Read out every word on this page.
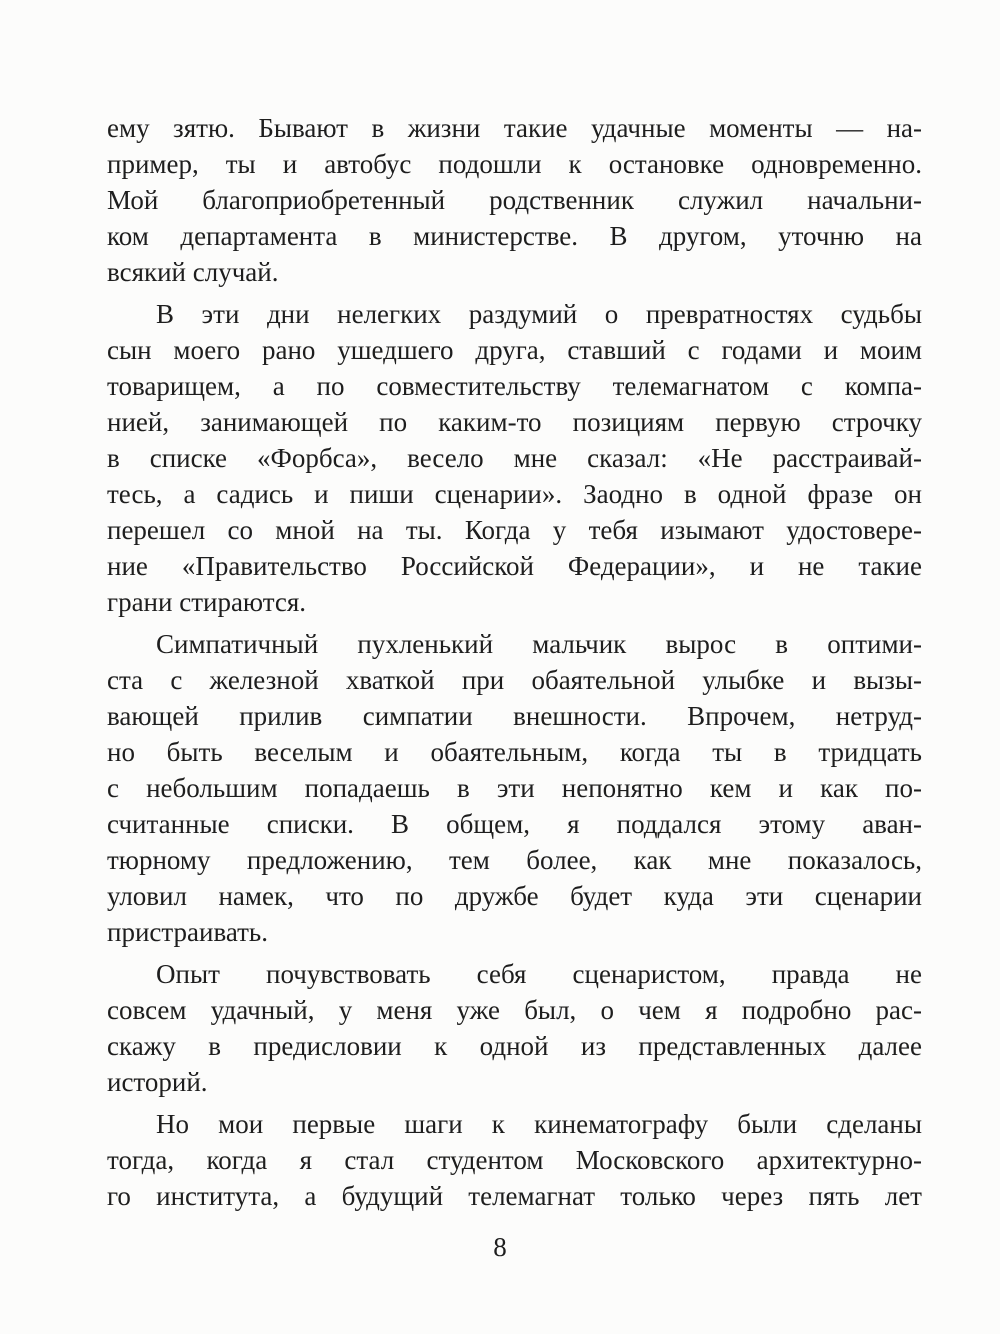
ему зятю. Бывают в жизни такие удачные моменты — на-
пример, ты и автобус подошли к остановке одновременно.
Мой благоприобретенный родственник служил начальни-
ком департамента в министерстве. В другом, уточню на
всякий случай.
В эти дни нелегких раздумий о превратностях судьбы
сын моего рано ушедшего друга, ставший с годами и моим
товарищем, а по совместительству телемагнатом с компа-
нией, занимающей по каким-то позициям первую строчку
в списке «Форбса», весело мне сказал: «Не расстраивай-
тесь, а садись и пиши сценарии». Заодно в одной фразе он
перешел со мной на ты. Когда у тебя изымают удостовере-
ние «Правительство Российской Федерации», и не такие
грани стираются.
Симпатичный пухленький мальчик вырос в оптими-
ста с железной хваткой при обаятельной улыбке и вызы-
вающей прилив симпатии внешности. Впрочем, нетруд-
но быть веселым и обаятельным, когда ты в тридцать
с небольшим попадаешь в эти непонятно кем и как по-
считанные списки. В общем, я поддался этому аван-
тюрному предложению, тем более, как мне показалось,
уловил намек, что по дружбе будет куда эти сценарии
пристраивать.
Опыт почувствовать себя сценаристом, правда не
совсем удачный, у меня уже был, о чем я подробно рас-
скажу в предисловии к одной из представленных далее
историй.
Но мои первые шаги к кинематографу были сделаны
тогда, когда я стал студентом Московского архитектурно-
го института, а будущий телемагнат только через пять лет
8
